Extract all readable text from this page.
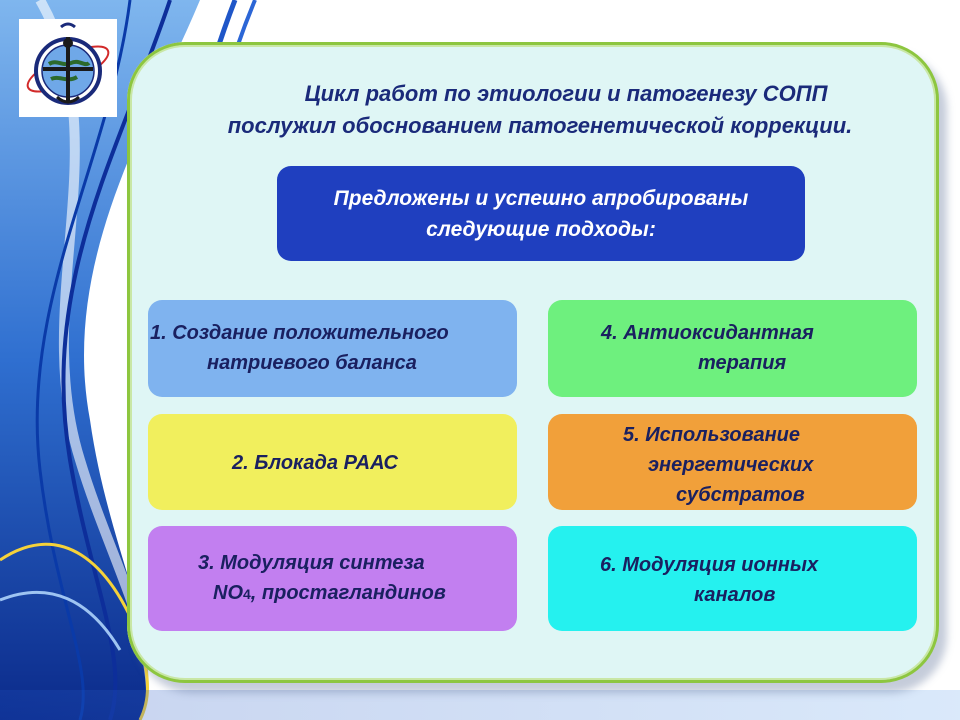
Цикл работ по этиологии и патогенезу СОПП
послужил обоснованием патогенетической коррекции.
Предложены и успешно апробированы
следующие подходы:
1. Создание положительного
натриевого баланса
2. Блокада РААС
3. Модуляция синтеза
NO4, простагландинов
4. Антиоксидантная
терапия
5. Использование
энергетических
субстратов
6. Модуляция ионных
каналов
